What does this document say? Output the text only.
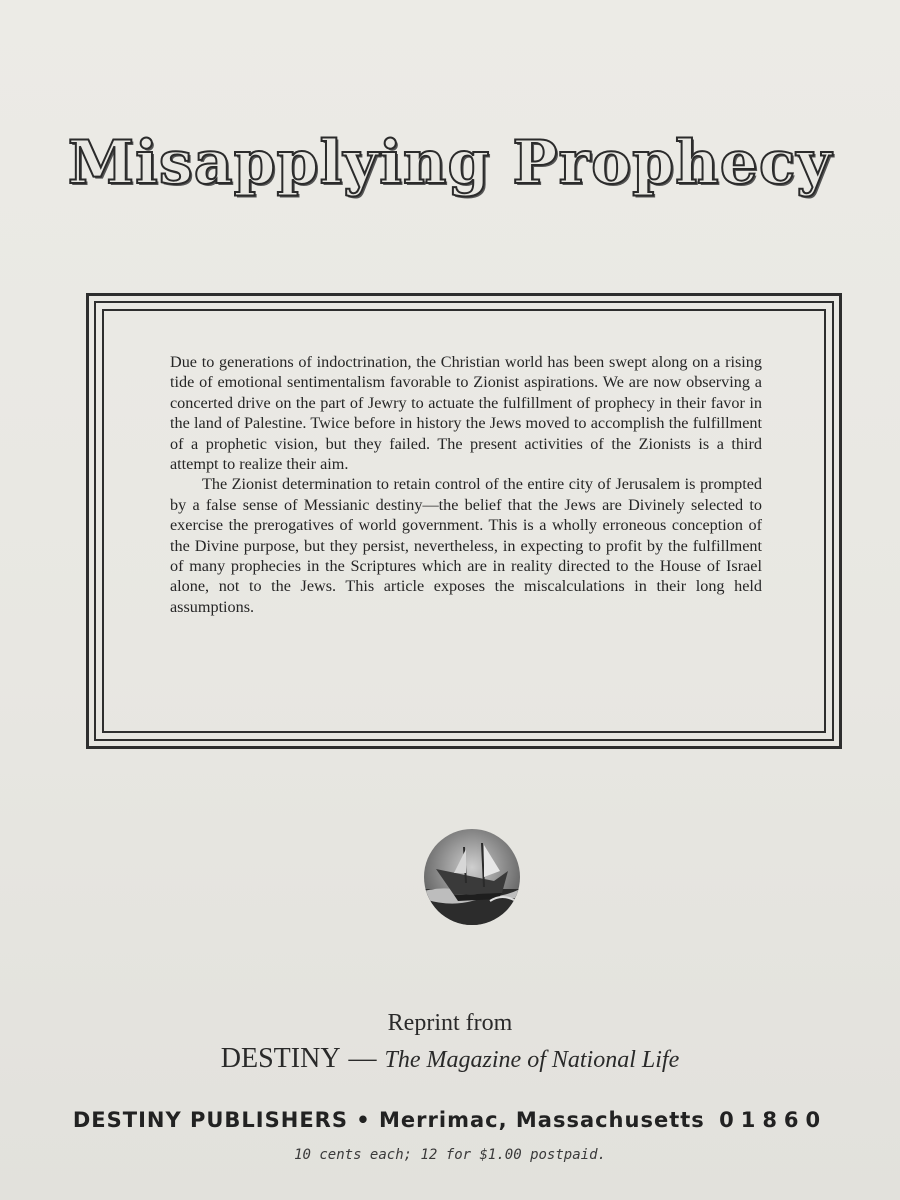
Misapplying Prophecy

Due to generations of indoctrination, the Christian world has been swept along on a rising tide of emotional sentimentalism favorable to Zionist aspirations. We are now observing a concerted drive on the part of Jewry to actuate the fulfillment of prophecy in their favor in the land of Palestine. Twice before in history the Jews moved to accomplish the fulfillment of a prophetic vision, but they failed. The present activities of the Zionists is a third attempt to realize their aim.

The Zionist determination to retain control of the entire city of Jerusalem is prompted by a false sense of Messianic destiny—the belief that the Jews are Divinely selected to exercise the prerogatives of world government. This is a wholly erroneous conception of the Divine purpose, but they persist, nevertheless, in expecting to profit by the fulfillment of many prophecies in the Scriptures which are in reality directed to the House of Israel alone, not to the Jews. This article exposes the miscalculations in their long held assumptions.

Reprint from
DESTINY — The Magazine of National Life
DESTINY PUBLISHERS • Merrimac, Massachusetts 01860
10 cents each; 12 for $1.00 postpaid.
